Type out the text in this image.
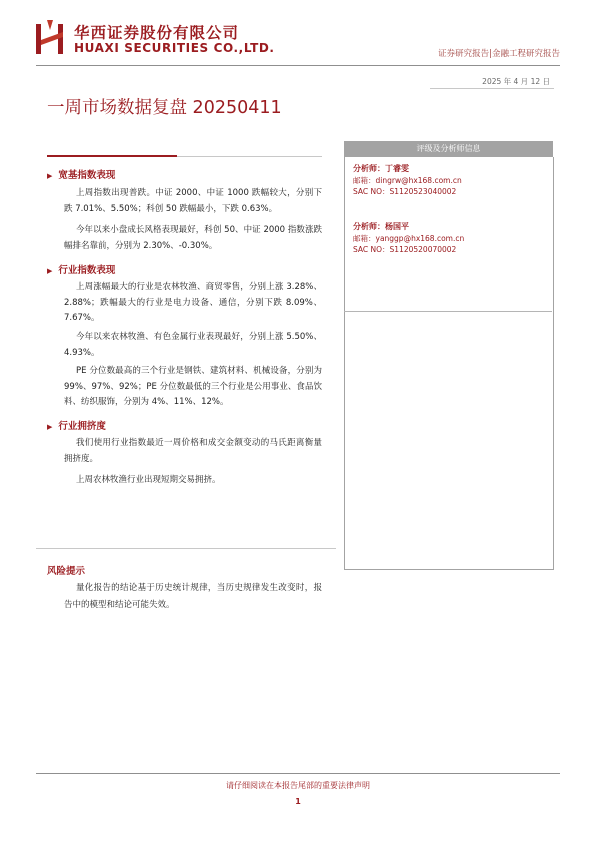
华西证券股份有限公司
HUAXI SECURITIES CO.,LTD.	证券研究报告|金融工程研究报告
2025 年 4 月 12 日
一周市场数据复盘 20250411
▶ 宽基指数表现
上周指数出现普跌。中证 2000、中证 1000 跌幅较大，分别下跌 7.01%、5.50%；科创 50 跌幅最小，下跌 0.63%。
今年以来小盘成长风格表现最好，科创 50、中证 2000 指数涨跌幅排名靠前，分别为 2.30%、-0.30%。
▶ 行业指数表现
上周涨幅最大的行业是农林牧渔、商贸零售，分别上涨 3.28%、2.88%；跌幅最大的行业是电力设备、通信，分别下跌 8.09%、7.67%。
今年以来农林牧渔、有色金属行业表现最好，分别上涨 5.50%、4.93%。
PE 分位数最高的三个行业是钢铁、建筑材料、机械设备，分别为 99%、97%、92%；PE 分位数最低的三个行业是公用事业、食品饮料、纺织服饰，分别为 4%、11%、12%。
▶ 行业拥挤度
我们使用行业指数最近一周价格和成交金额变动的马氏距离衡量拥挤度。
上周农林牧渔行业出现短期交易拥挤。
评级及分析师信息
分析师：丁睿雯
邮箱：dingrw@hx168.com.cn
SAC NO：S1120523040002
分析师：杨国平
邮箱：yanggp@hx168.com.cn
SAC NO：S1120520070002
风险提示
量化报告的结论基于历史统计规律，当历史规律发生改变时，报告中的模型和结论可能失效。
请仔细阅读在本报告尾部的重要法律声明
1
